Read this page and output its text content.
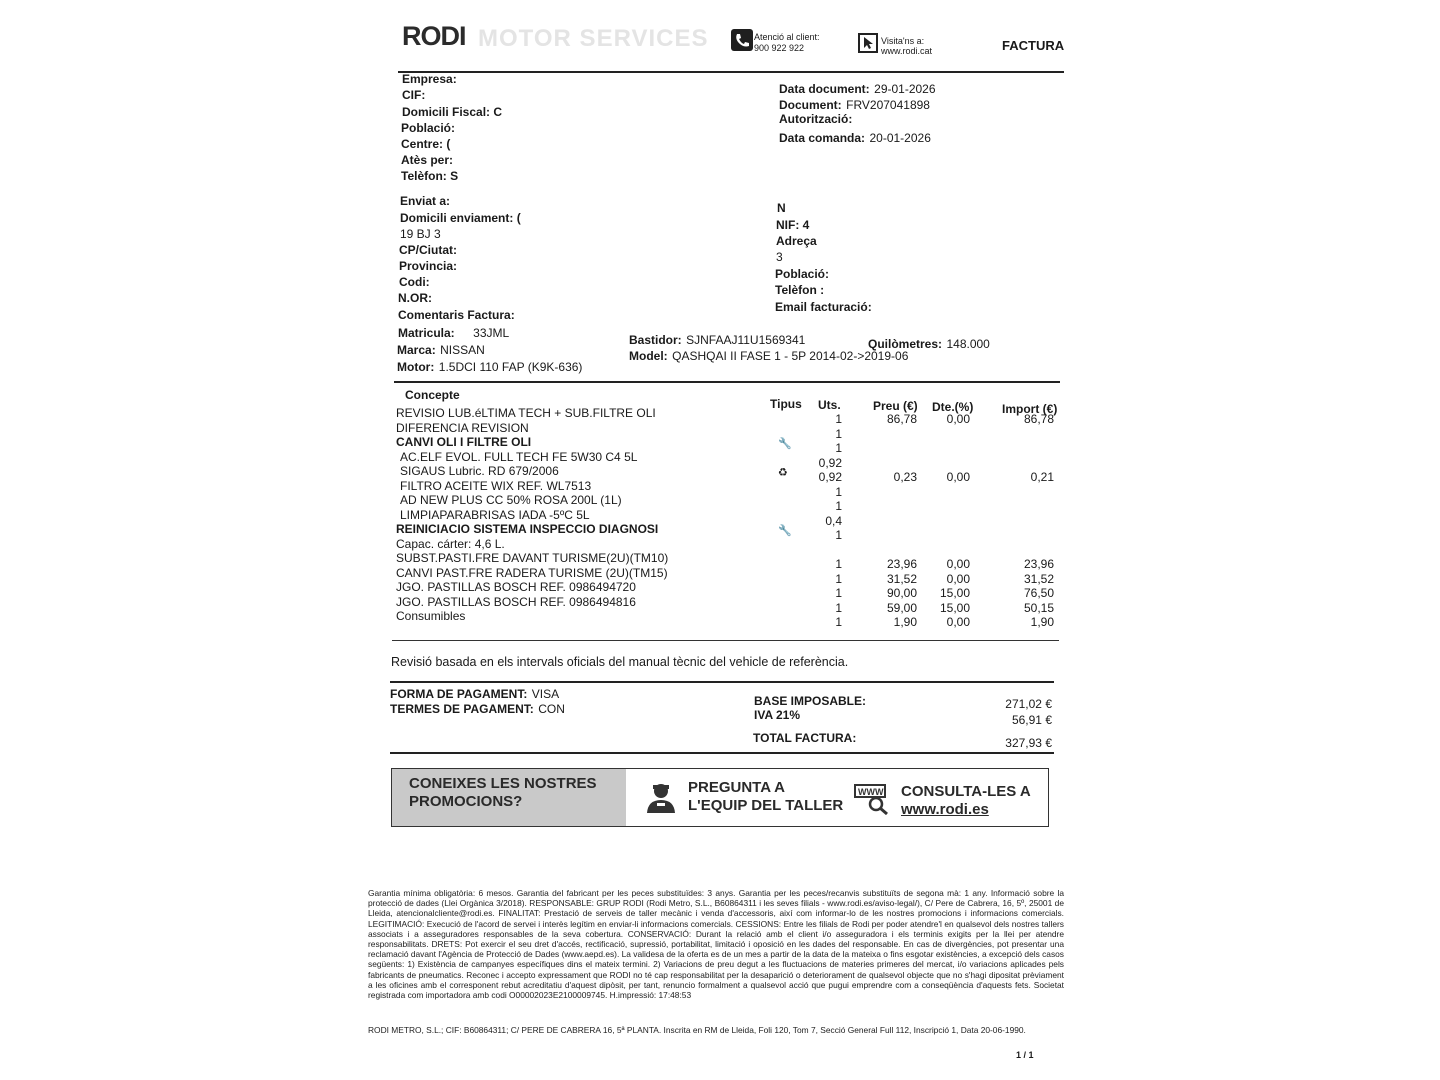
RODI MOTOR SERVICES	Atenció al client:
900 922 922
Visita'ns a:
www.rodi.cat	FACTURA
Empresa:
CIF:
Domicili Fiscal: C
Població:
Centre: (
Atès per:
Telèfon: S
Data document: 29-01-2026
Document: FRV207041898
Autorització:
Data comanda: 20-01-2026
Enviat a:
Domicili enviament: (
19 BJ 3
CP/Ciutat:
Provincia:
Codi:
N.OR:
Comentaris Factura:
Matricula: 33JML
Marca: NISSAN
Motor: 1.5DCI 110 FAP (K9K-636)
N
NIF: 4
Adreça
3
Població:
Telèfon :
Email facturació:
Bastidor: SJNFAAJ11U1569341	Quilòmetres: 148.000
Model: QASHQAI II FASE 1 - 5P 2014-02->2019-06
Concepte
Tipus Uts.	Preu (€) Dte.(%) Import (€)
REVISIO LUB.éLTIMA TECH + SUB.FILTRE OLI	1	86,78	0,00	86,78
DIFERENCIA REVISION	1
CANVI OLI I FILTRE OLI	🔧	1
AC.ELF EVOL. FULL TECH FE 5W30 C4 5L	0,92
SIGAUS Lubric. RD 679/2006	♻	0,92	0,23	0,00	0,21
FILTRO ACEITE WIX REF. WL7513	1
AD NEW PLUS CC 50% ROSA 200L (1L)	1
LIMPIAPARABRISAS IADA -5ºC 5L	0,4
REINICIACIO SISTEMA INSPECCIO DIAGNOSI	🔧	1
Capac. cárter: 4,6 L.
SUBST.PASTI.FRE DAVANT TURISME(2U)(TM10)	1	23,96	0,00	23,96
CANVI PAST.FRE RADERA TURISME (2U)(TM15)	1	31,52	0,00	31,52
JGO. PASTILLAS BOSCH REF. 0986494720	1	90,00	15,00	76,50
JGO. PASTILLAS BOSCH REF. 0986494816	1	59,00	15,00	50,15
Consumibles	1	1,90	0,00	1,90
Revisió basada en els intervals oficials del manual tècnic del vehicle de referència.
FORMA DE PAGAMENT: VISA
TERMES DE PAGAMENT: CON
BASE IMPOSABLE:	271,02 €
IVA 21%	56,91 €
TOTAL FACTURA:	327,93 €
CONEIXES LES NOSTRES
PROMOCIONS?
PREGUNTA A
L'EQUIP DEL TALLER
WWW CONSULTA-LES A
www.rodi.es
Garantia mínima obligatòria: 6 mesos. Garantia del fabricant per les peces substituïdes: 3 anys. Garantia per les peces/recanvis substituïts de segona mà: 1 any. Informació sobre la protecció de dades (Llei Orgànica 3/2018). RESPONSABLE: GRUP RODI (Rodi Metro, S.L., B60864311 i les seves filials - www.rodi.es/aviso-legal/), C/ Pere de Cabrera, 16, 5º, 25001 de Lleida, atencionalcliente@rodi.es. FINALITAT: Prestació de serveis de taller mecànic i venda d'accessoris, així com informar-lo de les nostres promocions i informacions comercials. LEGITIMACIÓ: Execució de l'acord de servei i interès legítim en enviar-li informacions comercials. CESSIONS: Entre les filials de Rodi per poder atendre'l en qualsevol dels nostres tallers associats i a asseguradores responsables de la seva cobertura. CONSERVACIÓ: Durant la relació amb el client i/o asseguradora i els terminis exigits per la llei per atendre responsabilitats. DRETS: Pot exercir el seu dret d'accés, rectificació, supressió, portabilitat, limitació i oposició en les dades del responsable. En cas de divergències, pot presentar una reclamació davant l'Agència de Protecció de Dades (www.aepd.es). La validesa de la oferta es de un mes a partir de la data de la mateixa o fins esgotar existències, a excepció dels casos següents: 1) Existència de campanyes específiques dins el mateix termini. 2) Variacions de preu degut a les fluctuacions de materies primeres del mercat, i/o variacions aplicades pels fabricants de pneumatics. Reconec i accepto expressament que RODI no té cap responsabilitat per la desaparició o deteriorament de qualsevol objecte que no s'hagi dipositat prèviament a les oficines amb el corresponent rebut acreditatiu d'aquest dipòsit, per tant, renuncio formalment a qualsevol acció que pugui emprendre com a conseqüència d'aquests fets. Societat registrada com importadora amb codi O00002023E2100009745. H.impressió: 17:48:53
RODI METRO, S.L.; CIF: B60864311; C/ PERE DE CABRERA 16, 5ª PLANTA. Inscrita en RM de Lleida, Foli 120, Tom 7, Secció General Full 112, Inscripció 1, Data 20-06-1990.
1 / 1
